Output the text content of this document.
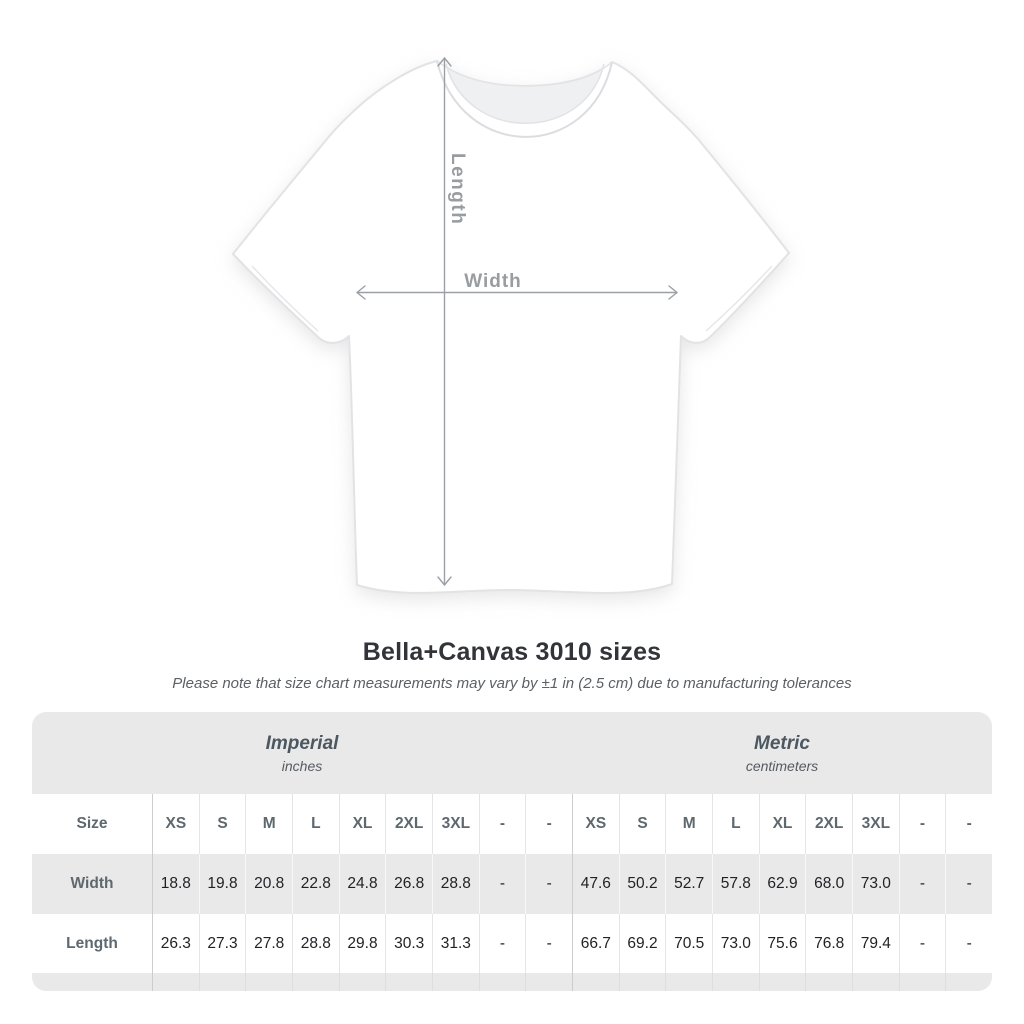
Length
Width
Bella+Canvas 3010 sizes

Please note that size chart measurements may vary by ±1 in (2.5 cm) due to manufacturing tolerances

Imperial
inches
Metric
centimeters
Size	XS	S	M	L	XL	2XL	3XL	-	-	XS	S	M	L	XL	2XL	3XL	-	-
Width	18.8	19.8	20.8	22.8	24.8	26.8	28.8	-	-	47.6	50.2	52.7	57.8	62.9	68.0	73.0	-	-
Length	26.3	27.3	27.8	28.8	29.8	30.3	31.3	-	-	66.7	69.2	70.5	73.0	75.6	76.8	79.4	-	-
